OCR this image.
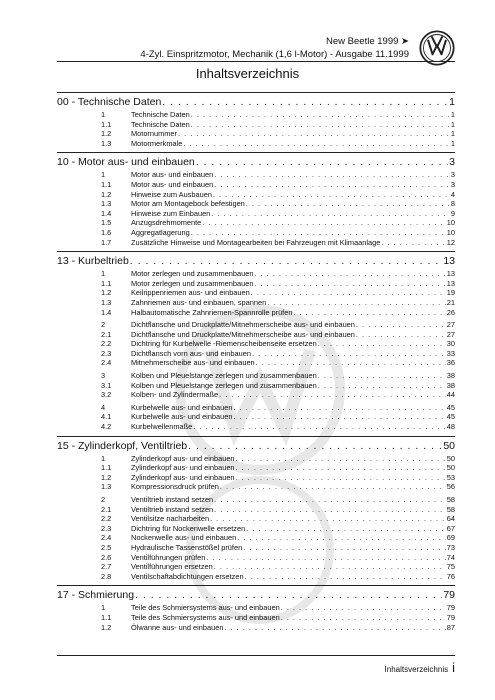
New Beetle 1999 ➤
4-Zyl. Einspritzmotor, Mechanik (1,6 l-Motor) - Ausgabe 11.1999
Inhaltsverzeichnis
00 - Technische Daten . . .	1
1	Technische Daten . . .	1
1.1	Technische Daten . . .	1
1.2	Motornummer . . .	1
1.3	Motormerkmale . . .	1
10 - Motor aus- und einbauen . . .	3
1	Motor aus- und einbauen . . .	3
1.1	Motor aus- und einbauen . . .	3
1.2	Hinweise zum Ausbauen . . .	4
1.3	Motor am Montagebock befestigen . . .	8
1.4	Hinweise zum Einbauen . . .	9
1.5	Anzugsdrehmomente . . .	10
1.6	Aggregatlagerung . . .	10
1.7	Zusätzliche Hinweise und Montagearbeiten bei Fahrzeugen mit Klimaanlage . . .	12
13 - Kurbeltrieb . . .	13
1	Motor zerlegen und zusammenbauen . . .	13
1.1	Motor zerlegen und zusammenbauen . . .	13
1.2	Keilrippenriemen aus- und einbauen . . .	19
1.3	Zahnriemen aus- und einbauen, spannen . . .	21
1.4	Halbautomatische Zahnriemen-Spannrolle prüfen . . .	26
2	Dichtflansche und Druckplatte/Mitnehmerscheibe aus- und einbauen . . .	27
2.1	Dichtflansche und Druckplatte/Mitnehmerscheibe aus- und einbauen . . .	27
2.2	Dichtring für Kurbelwelle -Riemenscheibenseite ersetzen . . .	30
2.3	Dichtflansch vorn aus- und einbauen . . .	33
2.4	Mitnehmerscheibe aus- und einbauen . . .	36
3	Kolben und Pleuelstange zerlegen und zusammenbauen . . .	38
3.1	Kolben und Pleuelstange zerlegen und zusammenbauen . . .	38
3.2	Kolben- und Zylindermaße . . .	44
4	Kurbelwelle aus- und einbauen . . .	45
4.1	Kurbelwelle aus- und einbauen . . .	45
4.2	Kurbelwellenmaße . . .	48
15 - Zylinderkopf, Ventiltrieb . . .	50
1	Zylinderkopf aus- und einbauen . . .	50
1.1	Zylinderkopf aus- und einbauen . . .	50
1.2	Zylinderkopf aus- und einbauen . . .	53
1.3	Kompressionsdruck prüfen . . .	56
2	Ventiltrieb instand setzen . . .	58
2.1	Ventiltrieb instand setzen . . .	58
2.2	Ventilsitze nacharbeiten . . .	64
2.3	Dichtring für Nockenwelle ersetzen . . .	67
2.4	Nockenwelle aus- und einbauen . . .	69
2.5	Hydraulische Tassenstößel prüfen . . .	73
2.6	Ventilführungen prüfen . . .	74
2.7	Ventilführungen ersetzen . . .	75
2.8	Ventilschaftabdichtungen ersetzen . . .	76
17 - Schmierung . . .	79
1	Teile des Schmiersystems aus- und einbauen . . .	79
1.1	Teile des Schmiersystems aus- und einbauen . . .	79
1.2	Ölwanne aus- und einbauen . . .	87
Inhaltsverzeichnis i
